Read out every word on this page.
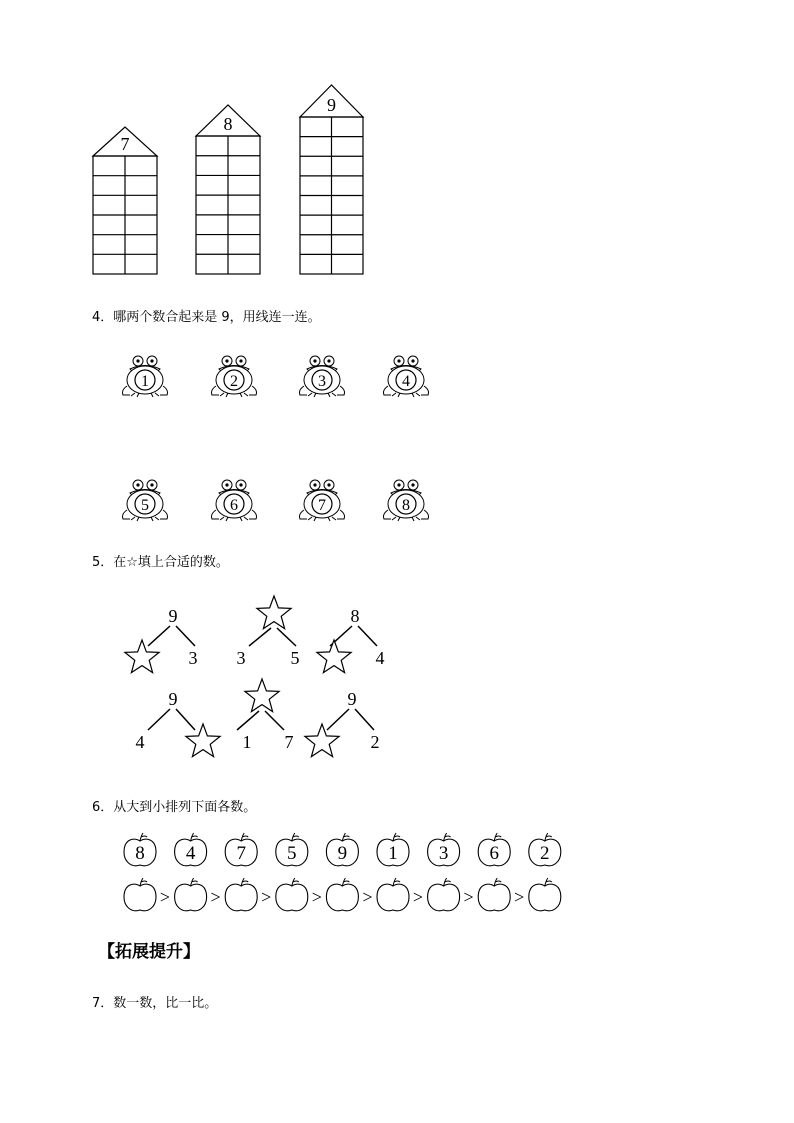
7
8
9
4．哪两个数合起来是 9，用线连一连。
1	2	3	4
5	6	7	8
5．在☆填上合适的数。
9
3 3	5
8
4
9
4	1 7
9
2
6．从大到小排列下面各数。
8 4 7 5 9 1 3 6 2
> > > > > > > >
【拓展提升】
7．数一数，比一比。
